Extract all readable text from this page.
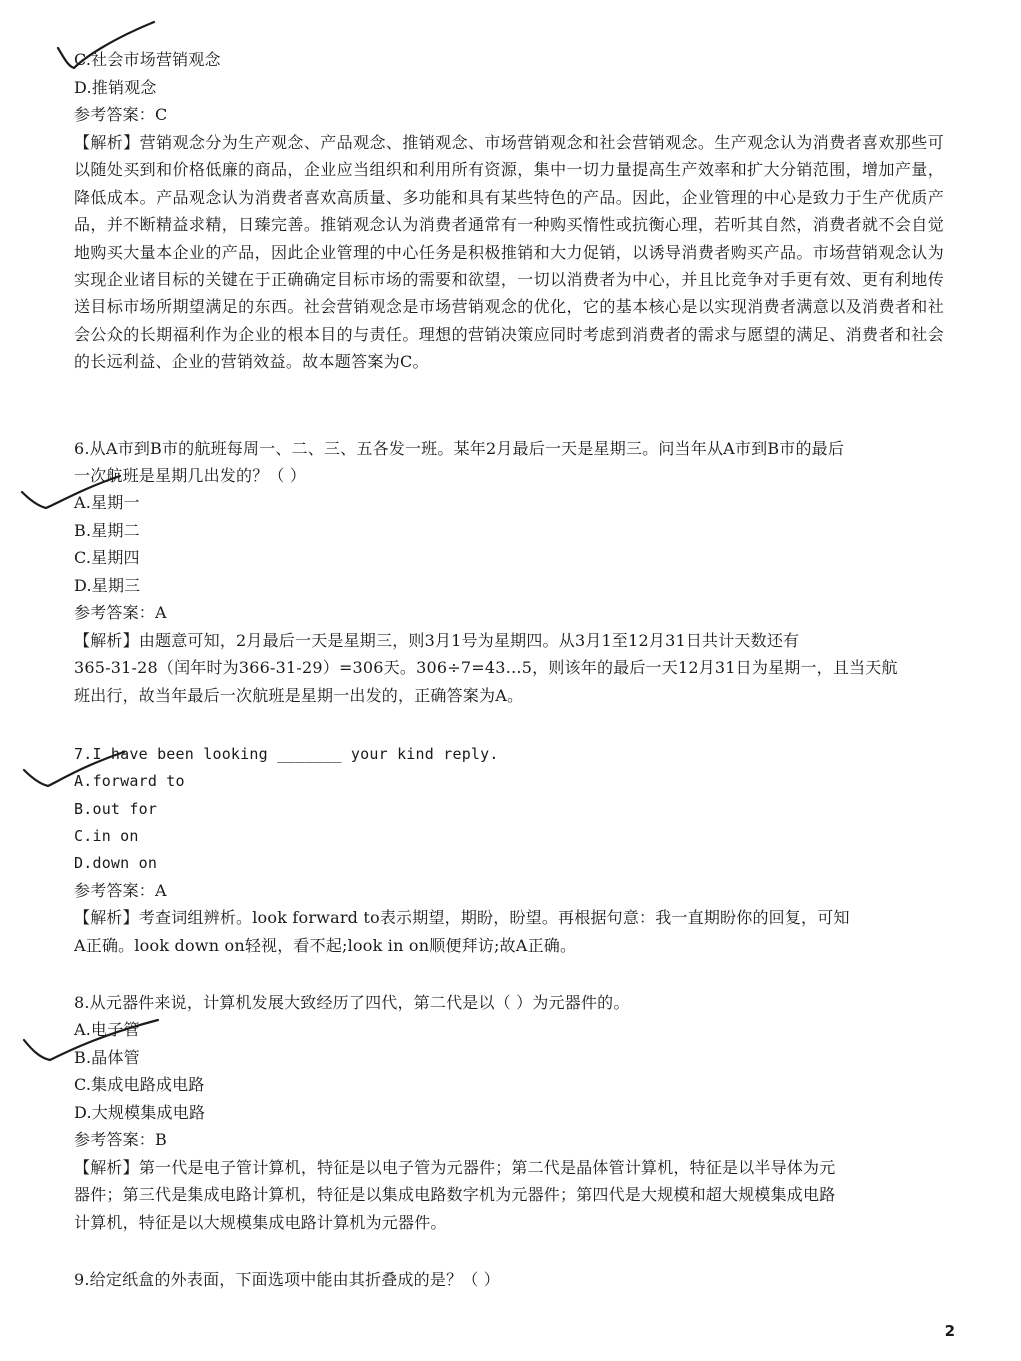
C.社会市场营销观念
D.推销观念
参考答案：C
【解析】营销观念分为生产观念、产品观念、推销观念、市场营销观念和社会营销观念。生产观念认为消费者喜欢那些可以随处买到和价格低廉的商品，企业应当组织和利用所有资源，集中一切力量提高生产效率和扩大分销范围，增加产量，降低成本。产品观念认为消费者喜欢高质量、多功能和具有某些特色的产品。因此，企业管理的中心是致力于生产优质产品，并不断精益求精，日臻完善。推销观念认为消费者通常有一种购买惰性或抗衡心理，若听其自然，消费者就不会自觉地购买大量本企业的产品，因此企业管理的中心任务是积极推销和大力促销，以诱导消费者购买产品。市场营销观念认为实现企业诸目标的关键在于正确确定目标市场的需要和欲望，一切以消费者为中心，并且比竞争对手更有效、更有利地传送目标市场所期望满足的东西。社会营销观念是市场营销观念的优化，它的基本核心是以实现消费者满意以及消费者和社会公众的长期福利作为企业的根本目的与责任。理想的营销决策应同时考虑到消费者的需求与愿望的满足、消费者和社会的长远利益、企业的营销效益。故本题答案为C。
6.从A市到B市的航班每周一、二、三、五各发一班。某年2月最后一天是星期三。问当年从A市到B市的最后
一次航班是星期几出发的？（ ）
A.星期一
B.星期二
C.星期四
D.星期三
参考答案：A
【解析】由题意可知，2月最后一天是星期三，则3月1号为星期四。从3月1至12月31日共计天数还有
365-31-28（闰年时为366-31-29）=306天。306÷7=43…5，则该年的最后一天12月31日为星期一，且当天航
班出行，故当年最后一次航班是星期一出发的，正确答案为A。
7.I have been looking _______ your kind reply.
A.forward to
B.out for
C.in on
D.down on
参考答案：A
【解析】考查词组辨析。look forward to表示期望，期盼，盼望。再根据句意：我一直期盼你的回复，可知
A正确。look down on轻视，看不起;look in on顺便拜访;故A正确。
8.从元器件来说，计算机发展大致经历了四代，第二代是以（ ）为元器件的。
A.电子管
B.晶体管
C.集成电路成电路
D.大规模集成电路
参考答案：B
【解析】第一代是电子管计算机，特征是以电子管为元器件；第二代是晶体管计算机，特征是以半导体为元
器件；第三代是集成电路计算机，特征是以集成电路数字机为元器件；第四代是大规模和超大规模集成电路
计算机，特征是以大规模集成电路计算机为元器件。
9.给定纸盒的外表面，下面选项中能由其折叠成的是？（ ）
2
